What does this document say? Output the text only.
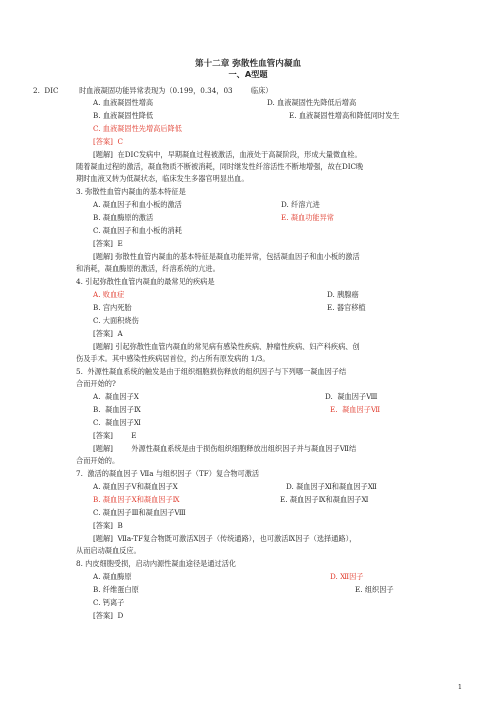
第十二章 弥散性血管内凝血
一、A型题
2.  DIC         时血液凝固功能异常表现为（0.199，0.34，03        临床）
A. 血液凝固性增高	D. 血液凝固性先降低后增高
B. 血液凝固性降低	E. 血液凝固性增高和降低同时发生
C. 血液凝固性先增高后降低
[答案]  C
[题解]  在DIC发病中，早期凝血过程被激活，血液处于高凝阶段，形成大量微血栓。
随着凝血过程的激活，凝血物质不断被消耗，同时继发性纤溶活性不断地增强，故在DIC晚
期时血液又转为低凝状态，临床发生多器官明显出血。
3. 弥散性血管内凝血的基本特征是
A. 凝血因子和血小板的激活	D. 纤溶亢进
B. 凝血酶原的激活	E. 凝血功能异常
C. 凝血因子和血小板的消耗
[答案]  E
[题解] 弥散性血管内凝血的基本特征是凝血功能异常，包括凝血因子和血小板的激活
和消耗，凝血酶原的激活，纤溶系统的亢进。
4. 引起弥散性血管内凝血的最常见的疾病是
A. 败血症	D. 胰腺癌
B. 宫内死胎	E. 器官移植
C. 大面积烧伤
[答案]  A
[题解] 引起弥散性血管内凝血的常见病有感染性疾病、肿瘤性疾病、妇产科疾病、创
伤及手术。其中感染性疾病居首位，约占所有原发病的 1/3。
5.  外源性凝血系统的触发是由于组织细胞损伤释放的组织因子与下列哪一凝血因子结
合而开始的?
A.  凝血因子Ⅹ	D.  凝血因子Ⅷ
B.  凝血因子Ⅸ	E.  凝血因子Ⅶ
C.  凝血因子Ⅺ
[答案]        E
[题解]        外源性凝血系统是由于损伤组织细胞释放出组织因子并与凝血因子Ⅶ结
合而开始的。
7.  激活的凝血因子 Ⅶa 与组织因子（TF）复合物可激活
A. 凝血因子Ⅴ和凝血因子Ⅹ	D. 凝血因子Ⅺ和凝血因子Ⅻ
B. 凝血因子Ⅹ和凝血因子Ⅸ	E. 凝血因子Ⅸ和凝血因子Ⅺ
C. 凝血因子Ⅲ和凝血因子Ⅷ
[答案]  B
[题解]  Ⅶa-TF复合物既可激活Ⅹ因子（传统通路），也可激活Ⅸ因子（选择通路），
从而启动凝血反应。
8. 内皮细胞受损，启动内源性凝血途径是通过活化
A. 凝血酶原	D. Ⅻ因子
B. 纤维蛋白原	E. 组织因子
C. 钙离子
[答案]  D
1
